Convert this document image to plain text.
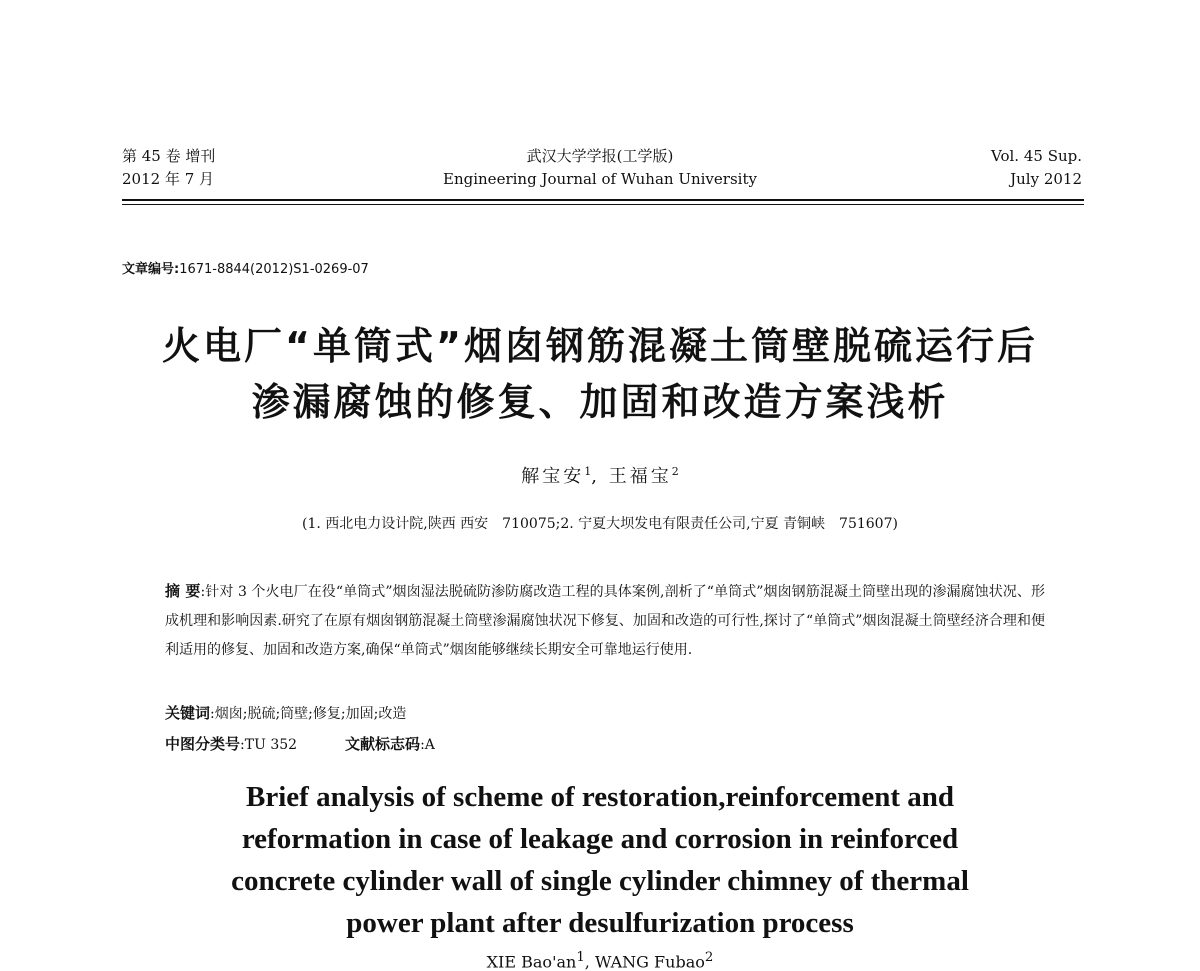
第 45 卷 增刊
2012 年 7 月
武汉大学学报(工学版)
Engineering Journal of Wuhan University
Vol. 45 Sup.
July 2012
文章编号:1671-8844(2012)S1-0269-07
火电厂“单筒式”烟囱钢筋混凝土筒壁脱硫运行后
渗漏腐蚀的修复、加固和改造方案浅析
解宝安$^1$, 王福宝$^2$
(1. 西北电力设计院,陕西 西安　710075;2. 宁夏大坝发电有限责任公司,宁夏 青铜峡　751607)
摘 要:针对 3 个火电厂在役“单筒式”烟囱湿法脱硫防渗防腐改造工程的具体案例,剖析了“单筒式”烟囱钢筋混凝土筒壁出现的渗漏腐蚀状况、形成机理和影响因素.研究了在原有烟囱钢筋混凝土筒壁渗漏腐蚀状况下修复、加固和改造的可行性,探讨了“单筒式”烟囱混凝土筒壁经济合理和便利适用的修复、加固和改造方案,确保“单筒式”烟囱能够继续长期安全可靠地运行使用.
关键词:烟囱;脱硫;筒壁;修复;加固;改造
中图分类号:TU 352	文献标志码:A
Brief analysis of scheme of restoration,reinforcement and
reformation in case of leakage and corrosion in reinforced
concrete cylinder wall of single cylinder chimney of thermal
power plant after desulfurization process
XIE $Bao'an^1$, WANG Fubao$^2$
